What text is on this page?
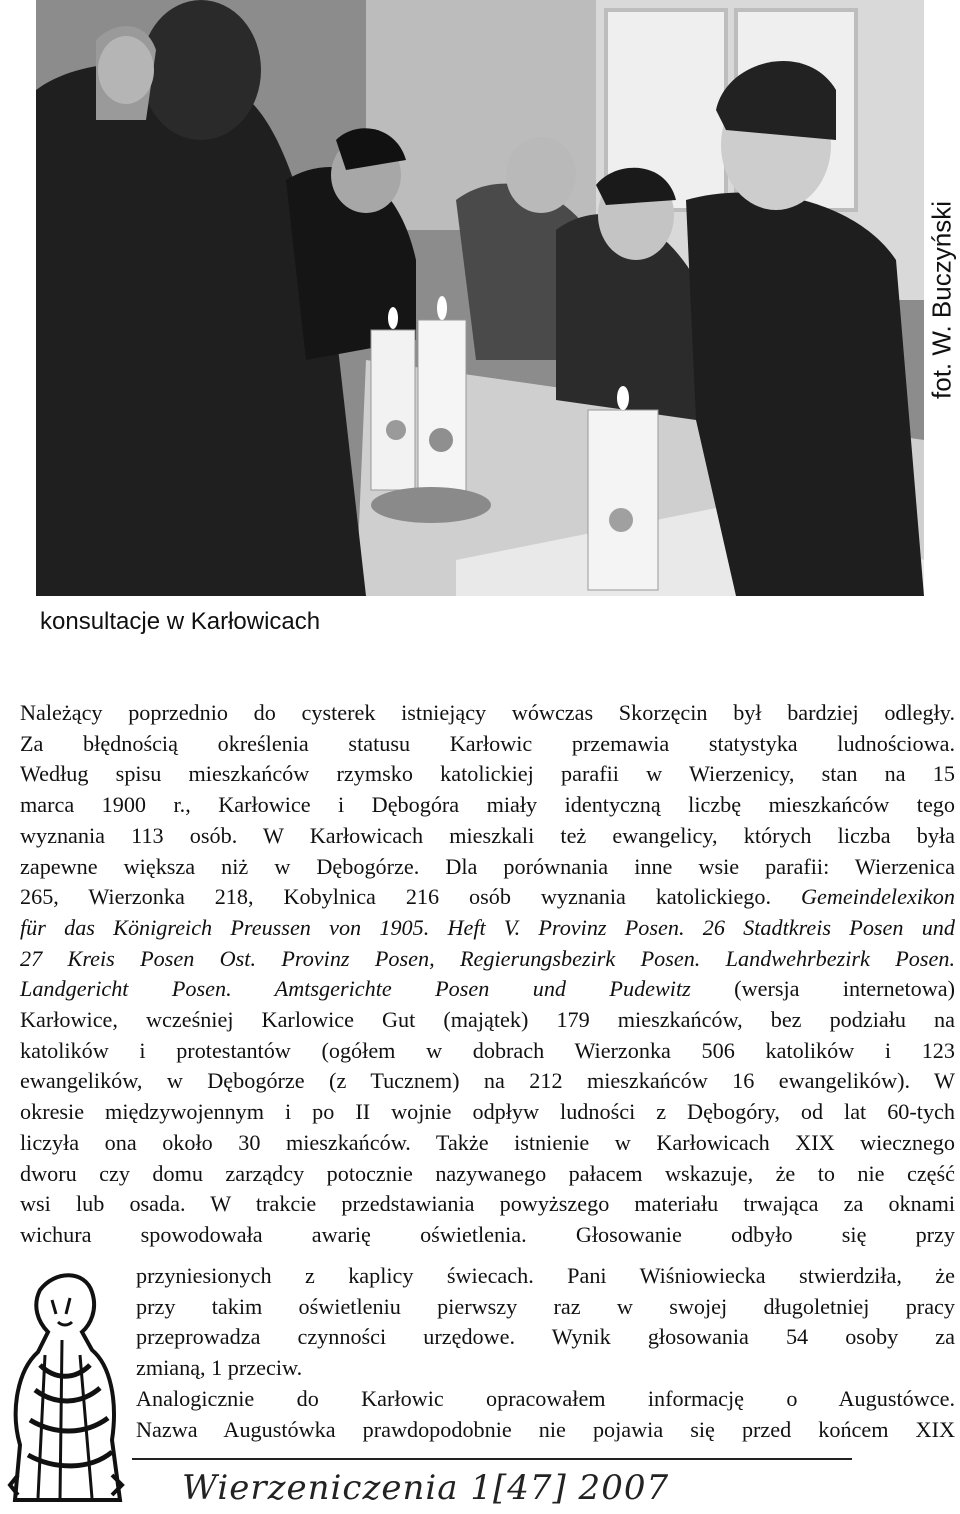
fot. W. Buczyński
konsultacje w Karłowicach
Należący poprzednio do cysterek istniejący wówczas Skorzęcin był bardziej odległy.
Za błędnością określenia statusu Karłowic przemawia statystyka ludnościowa.
Według spisu mieszkańców rzymsko katolickiej parafii w Wierzenicy, stan na 15
marca 1900 r., Karłowice i Dębogóra miały identyczną liczbę mieszkańców tego
wyznania 113 osób. W Karłowicach mieszkali też ewangelicy, których liczba była
zapewne większa niż w Dębogórze. Dla porównania inne wsie parafii: Wierzenica
265, Wierzonka 218, Kobylnica 216 osób wyznania katolickiego. Gemeindelexikon
für das Königreich Preussen von 1905. Heft V. Provinz Posen. 26 Stadtkreis Posen und
27 Kreis Posen Ost. Provinz Posen, Regierungsbezirk Posen. Landwehrbezirk Posen.
Landgericht Posen. Amtsgerichte Posen und Pudewitz (wersja internetowa)
Karłowice, wcześniej Karlowice Gut (majątek) 179 mieszkańców, bez podziału na
katolików i protestantów (ogółem w dobrach Wierzonka 506 katolików i 123
ewangelików, w Dębogórze (z Tucznem) na 212 mieszkańców 16 ewangelików). W
okresie międzywojennym i po II wojnie odpływ ludności z Dębogóry, od lat 60-tych
liczyła ona około 30 mieszkańców. Także istnienie w Karłowicach XIX wiecznego
dworu czy domu zarządcy potocznie nazywanego pałacem wskazuje, że to nie część
wsi lub osada. W trakcie przedstawiania powyższego materiału trwająca za oknami
wichura spowodowała awarię oświetlenia. Głosowanie odbyło się przy
przyniesionych z kaplicy świecach. Pani Wiśniowiecka stwierdziła, że
przy takim oświetleniu pierwszy raz w swojej długoletniej pracy
przeprowadza czynności urzędowe. Wynik głosowania 54 osoby za
zmianą, 1 przeciw.
Analogicznie do Karłowic opracowałem informację o Augustówce.
Nazwa Augustówka prawdopodobnie nie pojawia się przed końcem XIX
Wierzeniczenia 1[47] 2007
